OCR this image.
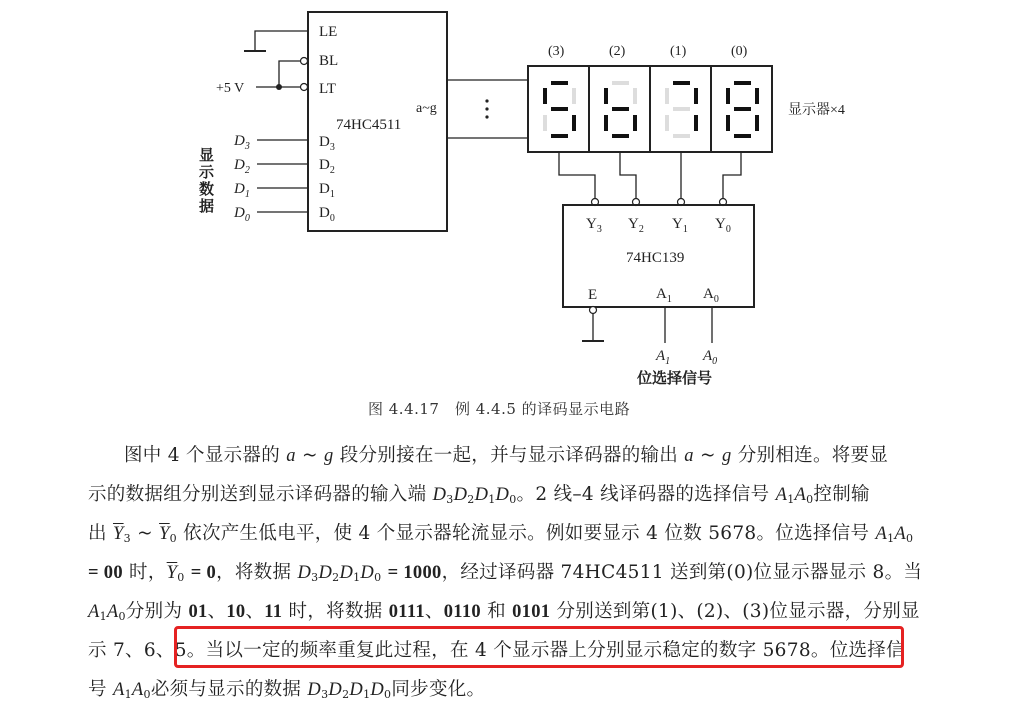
74HC4511
a~g
LE
BL
LT
$D_3$
$D_2$
$D_1$
$D_0$
+5 V
$D_3$
$D_2$
$D_1$
$D_0$
(3)	(2)	(1)	(0)
显示器×4
$Y_3$ $Y_2$ $Y_1$ $Y_0$
74HC139
E	$A_1$ $A_0$
$A_1$ $A_0$
位选择信号
显 示 数 据
图 4.4.17　例 4.4.5 的译码显示电路
图中 4 个显示器的 a ~ g 段分别接在一起，并与显示译码器的输出 a ~ g 分别相连。将要显
示的数据组分别送到显示译码器的输入端 $D_3D_2D_1D_0$。2 线–4 线译码器的选择信号 $A_1A_0$控制输
出 $\overline{Y}_3$ ~ $\overline{Y}_0$ 依次产生低电平，使 4 个显示器轮流显示。例如要显示 4 位数 5678。位选择信号 $A_1A_0$
= 00 时，$\overline{Y}_0 = 0$，将数据 $D_3D_2D_1D_0 = 1000$，经过译码器 74HC4511 送到第(0)位显示器显示 8。当
$A_1A_0$分别为 01、10、11 时，将数据 0111、0110 和 0101 分别送到第(1)、(2)、(3)位显示器，分别显
示 7、6、5。当以一定的频率重复此过程，在 4 个显示器上分别显示稳定的数字 5678。位选择信
号 $A_1A_0$必须与显示的数据 $D_3D_2D_1D_0$同步变化。
